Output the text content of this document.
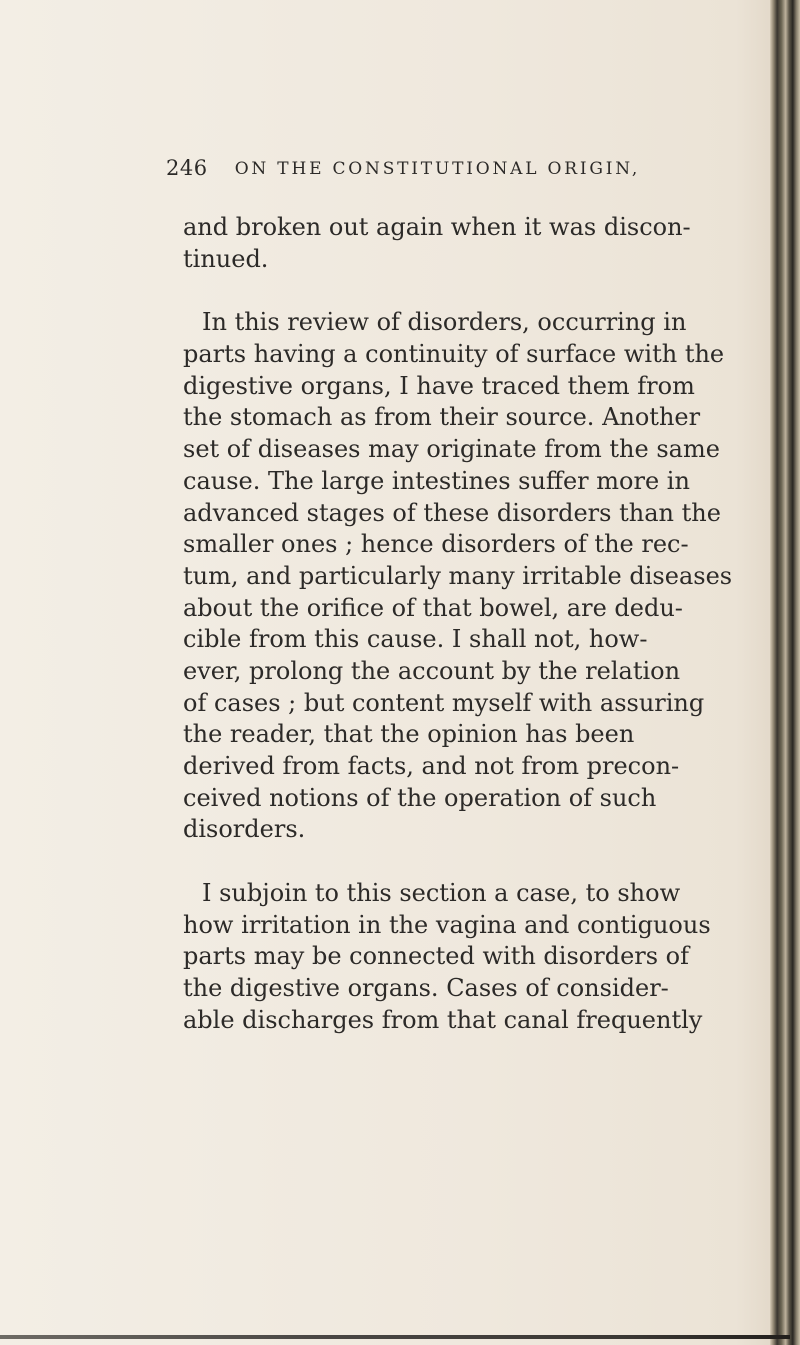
246 ON THE CONSTITUTIONAL ORIGIN,
and broken out again when it was discon-
tinued.
In this review of disorders, occurring in
parts having a continuity of surface with the
digestive organs, I have traced them from
the stomach as from their source. Another
set of diseases may originate from the same
cause. The large intestines suffer more in
advanced stages of these disorders than the
smaller ones ; hence disorders of the rec-
tum, and particularly many irritable diseases
about the orifice of that bowel, are dedu-
cible from this cause. I shall not, how-
ever, prolong the account by the relation
of cases ; but content myself with assuring
the reader, that the opinion has been
derived from facts, and not from precon-
ceived notions of the operation of such
disorders.
I subjoin to this section a case, to show
how irritation in the vagina and contiguous
parts may be connected with disorders of
the digestive organs. Cases of consider-
able discharges from that canal frequently
